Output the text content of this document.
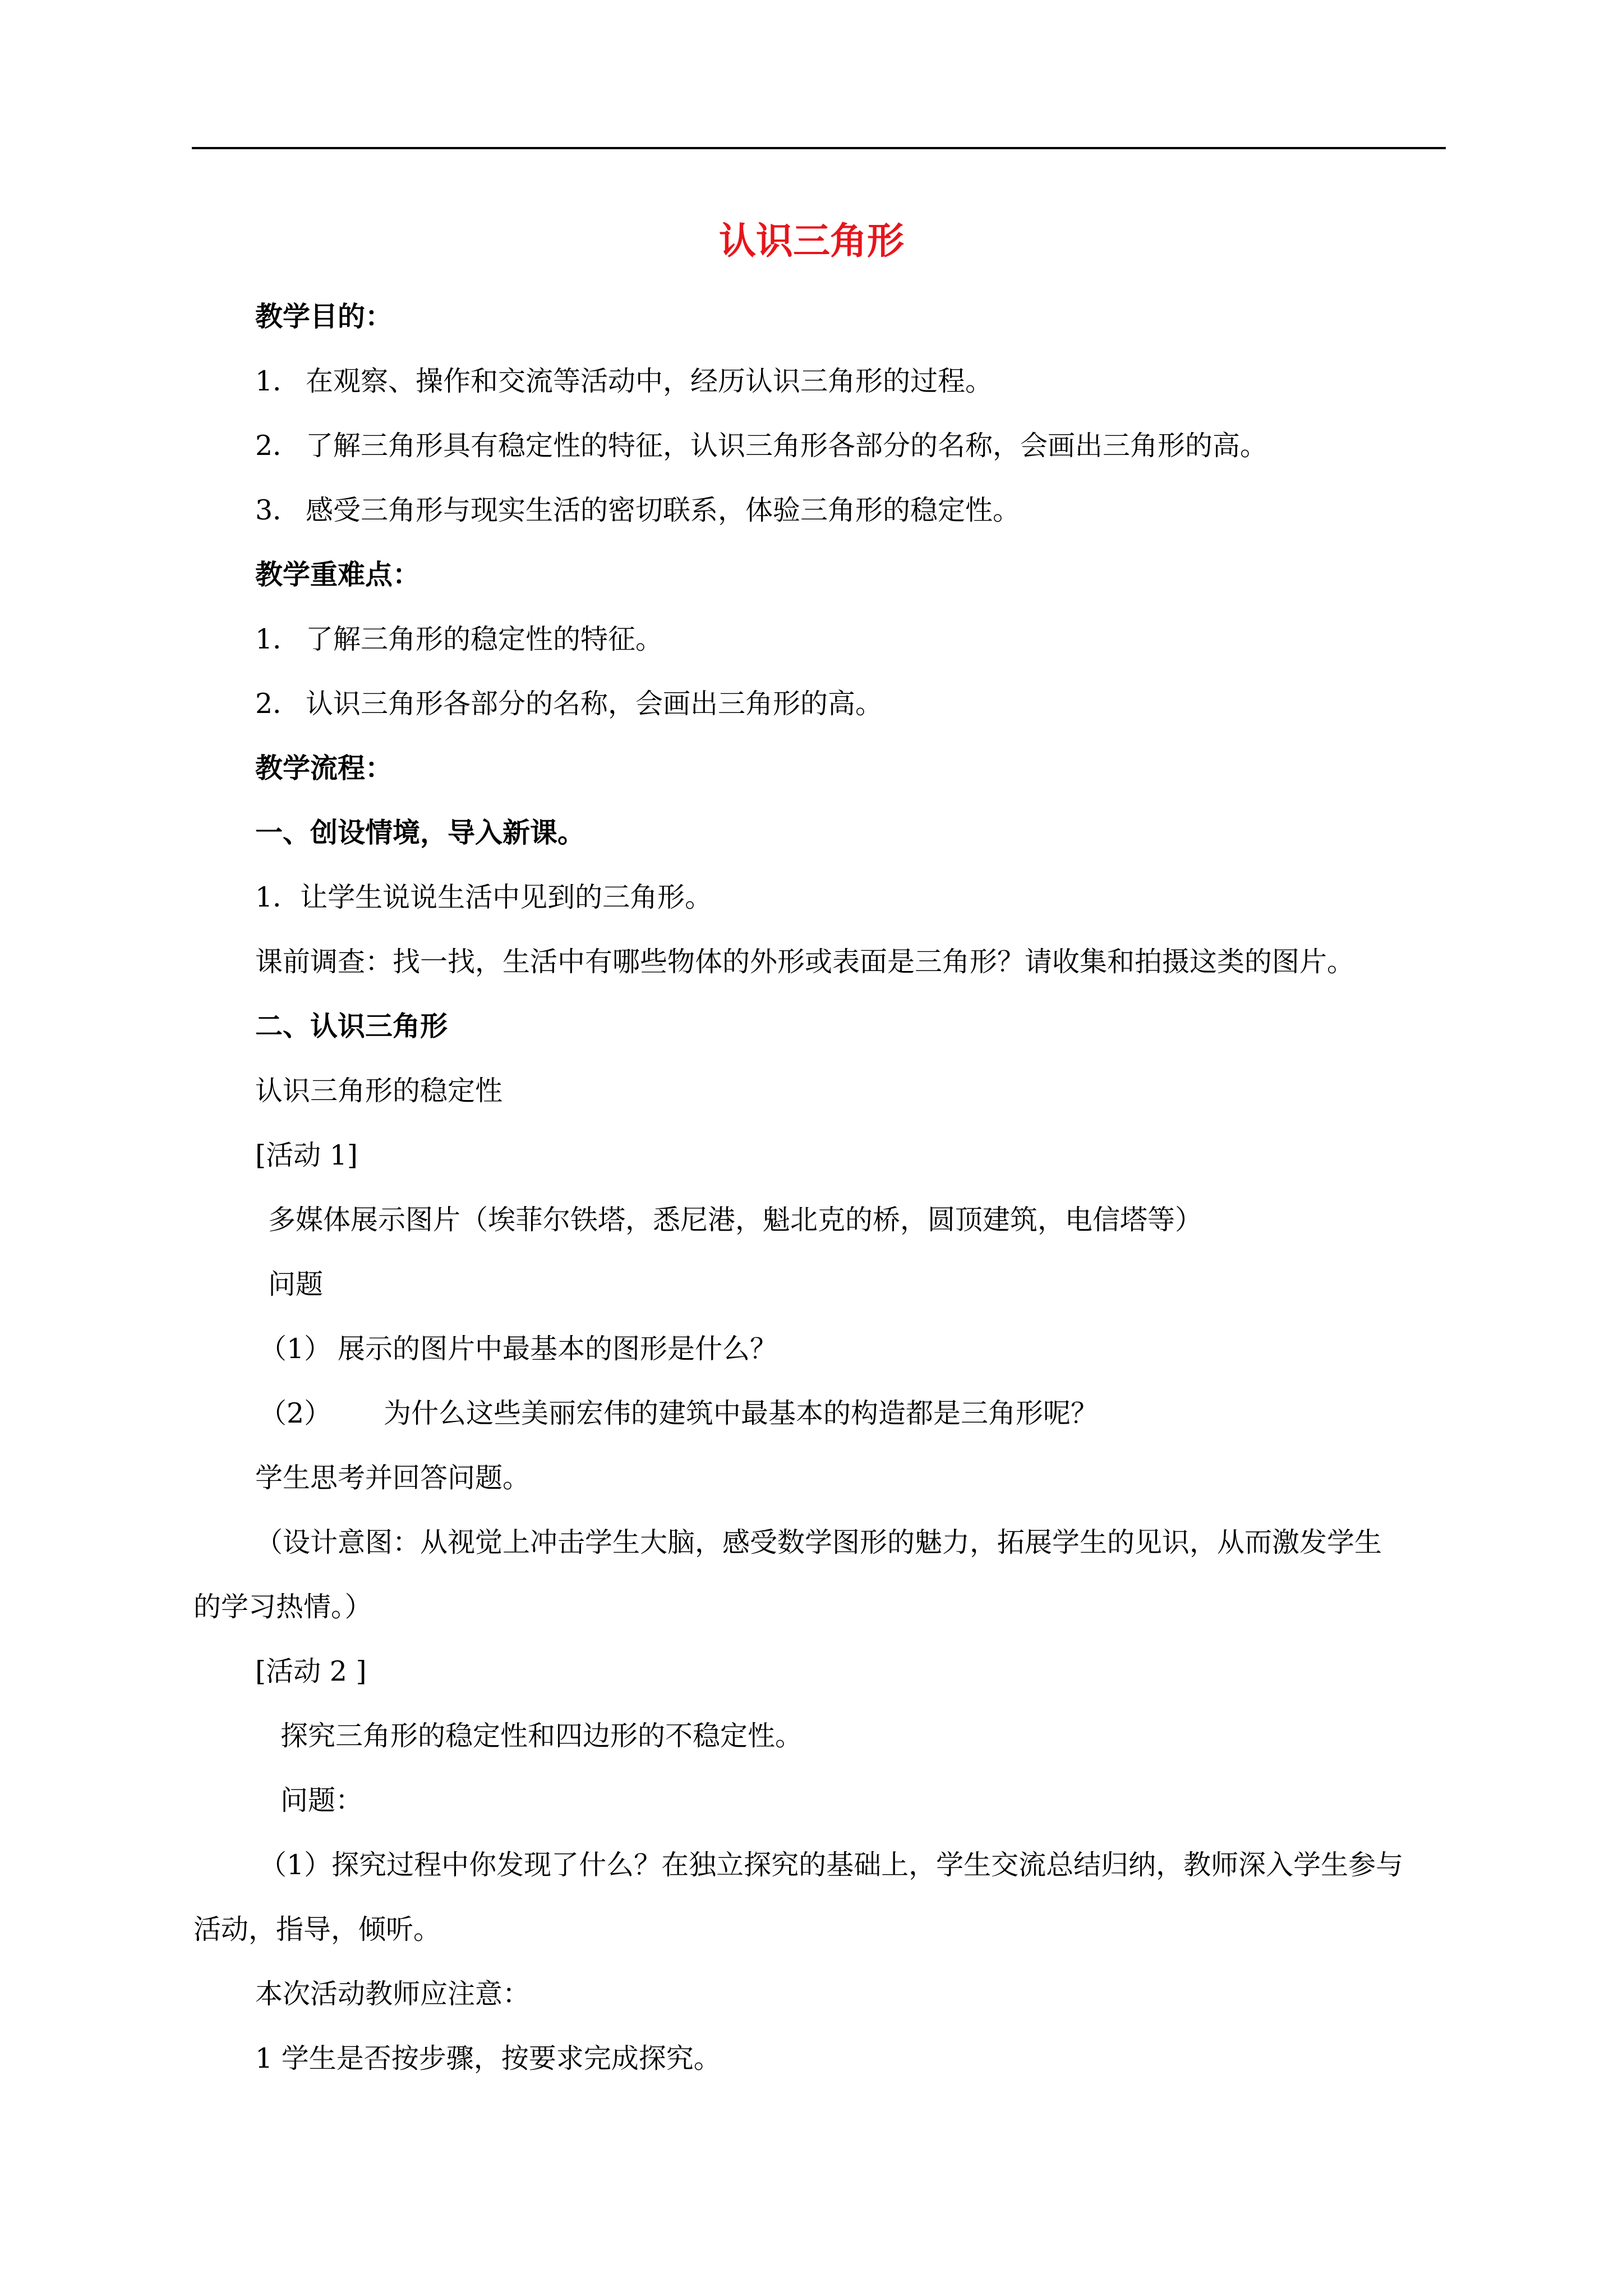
认识三角形
教学目的：
1． 在观察、操作和交流等活动中，经历认识三角形的过程。
2． 了解三角形具有稳定性的特征，认识三角形各部分的名称，会画出三角形的高。
3． 感受三角形与现实生活的密切联系，体验三角形的稳定性。
教学重难点：
1． 了解三角形的稳定性的特征。
2． 认识三角形各部分的名称，会画出三角形的高。
教学流程：
一、创设情境，导入新课。
1．让学生说说生活中见到的三角形。
课前调查：找一找，生活中有哪些物体的外形或表面是三角形？请收集和拍摄这类的图片。
二、认识三角形
认识三角形的稳定性
[活动 1]
多媒体展示图片（埃菲尔铁塔，悉尼港，魁北克的桥，圆顶建筑，电信塔等）
问题
（1） 展示的图片中最基本的图形是什么？
（2） 为什么这些美丽宏伟的建筑中最基本的构造都是三角形呢？
学生思考并回答问题。
（设计意图：从视觉上冲击学生大脑，感受数学图形的魅力，拓展学生的见识，从而激发学生
的学习热情。）
[活动 2 ]
探究三角形的稳定性和四边形的不稳定性。
问题：
（1）探究过程中你发现了什么？在独立探究的基础上，学生交流总结归纳，教师深入学生参与
活动，指导，倾听。
本次活动教师应注意：
1 学生是否按步骤，按要求完成探究。
